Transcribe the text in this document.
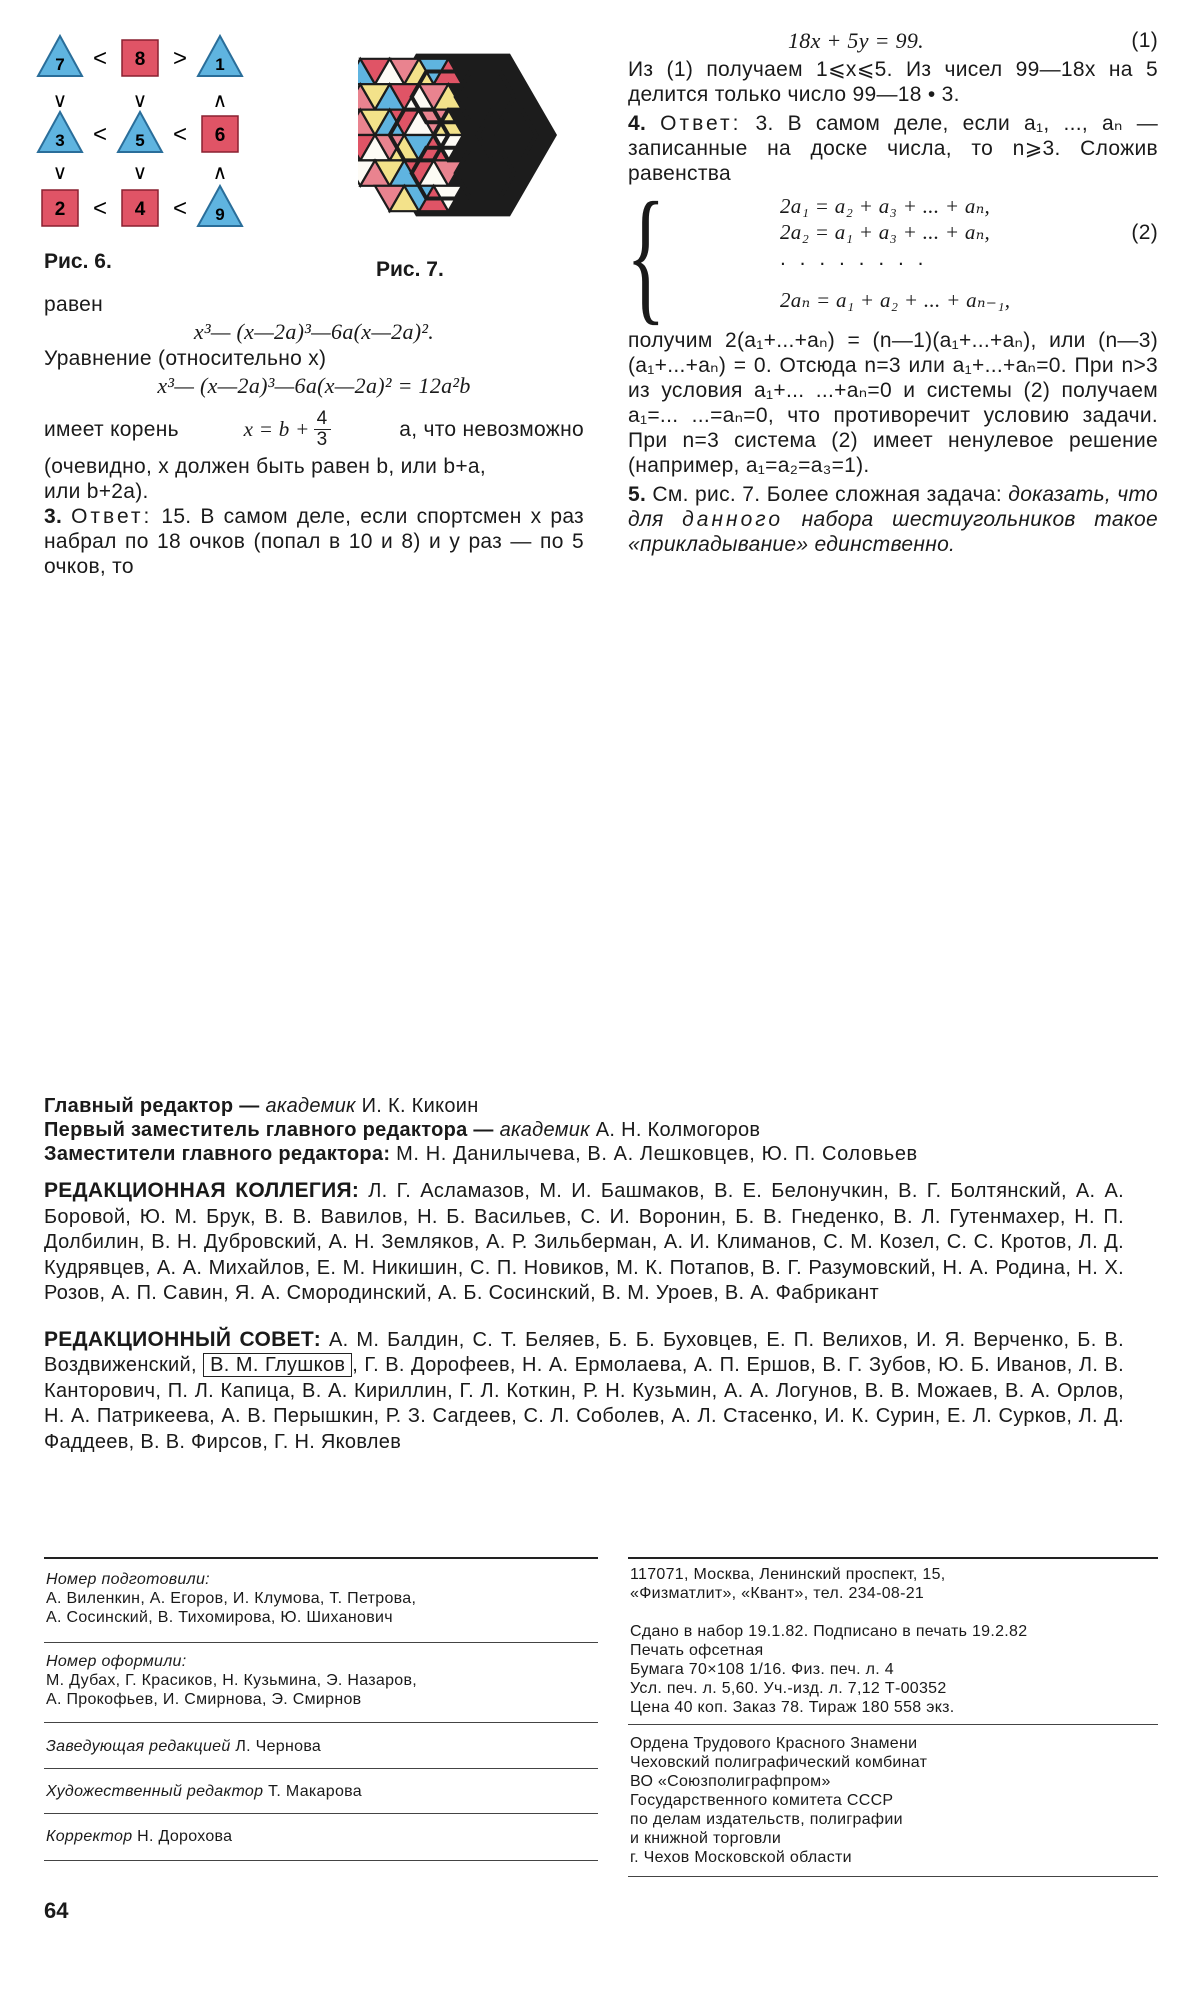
7 < 8 > 1
∨	∨	∧
3 < 5 < 6
∨	∨	∧
2 < 4 < 9
Рис. 6.	Рис. 7.
равен
x³— (x—2a)³—6a(x—2a)².
Уравнение (относительно x)
x³— (x—2a)³—6a(x—2a)² = 12a²b
имеет корень	$x = b + \frac{4}{3}$	a, что невозможно
(очевидно, x должен быть равен b, или b+a,
или b+2a).
3. Ответ: 15. В самом деле, если спортсмен x раз набрал по 18 очков (попал в 10 и 8) и y раз — по 5 очков, то
18x + 5y = 99.	(1)
Из (1) получаем 1⩽x⩽5. Из чисел 99—18x на 5 делится только число 99—18 • 3.
4. Ответ: 3. В самом деле, если a₁, ..., aₙ — записанные на доске числа, то n⩾3. Сложив равенства
{	2a₁ = a₂ + a₃ + ... + aₙ,
2a₂ = a₁ + a₃ + ... + aₙ,	(2)
. . . . . . . .
2aₙ = a₁ + a₂ + ... + aₙ₋₁,
получим 2(a₁+...+aₙ) = (n—1)(a₁+...+aₙ), или (n—3)(a₁+...+aₙ) = 0. Отсюда n=3 или a₁+...+aₙ=0. При n>3 из условия a₁+... ...+aₙ=0 и системы (2) получаем a₁=... ...=aₙ=0, что противоречит условию задачи. При n=3 система (2) имеет ненулевое решение (например, a₁=a₂=a₃=1).
5. См. рис. 7. Более сложная задача: доказать, что для данного набора шестиугольников такое «прикладывание» единственно.
Главный редактор — академик И. К. Кикоин
Первый заместитель главного редактора — академик А. Н. Колмогоров
Заместители главного редактора: М. Н. Данилычева, В. А. Лешковцев, Ю. П. Соловьев
РЕДАКЦИОННАЯ КОЛЛЕГИЯ: Л. Г. Асламазов, М. И. Башмаков, В. Е. Белонучкин, В. Г. Болтянский, А. А. Боровой, Ю. М. Брук, В. В. Вавилов, Н. Б. Васильев, С. И. Воронин, Б. В. Гнеденко, В. Л. Гутенмахер, Н. П. Долбилин, В. Н. Дубровский, А. Н. Земляков, А. Р. Зильберман, А. И. Климанов, С. М. Козел, С. С. Кротов, Л. Д. Кудрявцев, А. А. Михайлов, Е. М. Никишин, С. П. Новиков, М. К. Потапов, В. Г. Разумовский, Н. А. Родина, Н. Х. Розов, А. П. Савин, Я. А. Смородинский, А. Б. Сосинский, В. М. Уроев, В. А. Фабрикант
РЕДАКЦИОННЫЙ СОВЕТ: А. М. Балдин, С. Т. Беляев, Б. Б. Буховцев, Е. П. Велихов, И. Я. Верченко, Б. В. Воздвиженский, В. М. Глушков , Г. В. Дорофеев, Н. А. Ермолаева, А. П. Ершов, В. Г. Зубов, Ю. Б. Иванов, Л. В. Канторович, П. Л. Капица, В. А. Кириллин, Г. Л. Коткин, Р. Н. Кузьмин, А. А. Логунов, В. В. Можаев, В. А. Орлов, Н. А. Патрикеева, А. В. Перышкин, Р. З. Сагдеев, С. Л. Соболев, А. Л. Стасенко, И. К. Сурин, Е. Л. Сурков, Л. Д. Фаддеев, В. В. Фирсов, Г. Н. Яковлев
Номер подготовили:
А. Виленкин, А. Егоров, И. Клумова, Т. Петрова,
А. Сосинский, В. Тихомирова, Ю. Шиханович
Номер оформили:
М. Дубах, Г. Красиков, Н. Кузьмина, Э. Назаров,
А. Прокофьев, И. Смирнова, Э. Смирнов
Заведующая редакцией Л. Чернова
Художественный редактор Т. Макарова
Корректор Н. Дорохова
117071, Москва, Ленинский проспект, 15,
«Физматлит», «Квант», тел. 234-08-21
Сдано в набор 19.1.82. Подписано в печать 19.2.82
Печать офсетная
Бумага 70×108 1/16. Физ. печ. л. 4
Усл. печ. л. 5,60. Уч.-изд. л. 7,12 Т-00352
Цена 40 коп. Заказ 78. Тираж 180 558 экз.
Ордена Трудового Красного Знамени
Чеховский полиграфический комбинат
ВО «Союзполиграфпром»
Государственного комитета СССР
по делам издательств, полиграфии
и книжной торговли
г. Чехов Московской области
64
